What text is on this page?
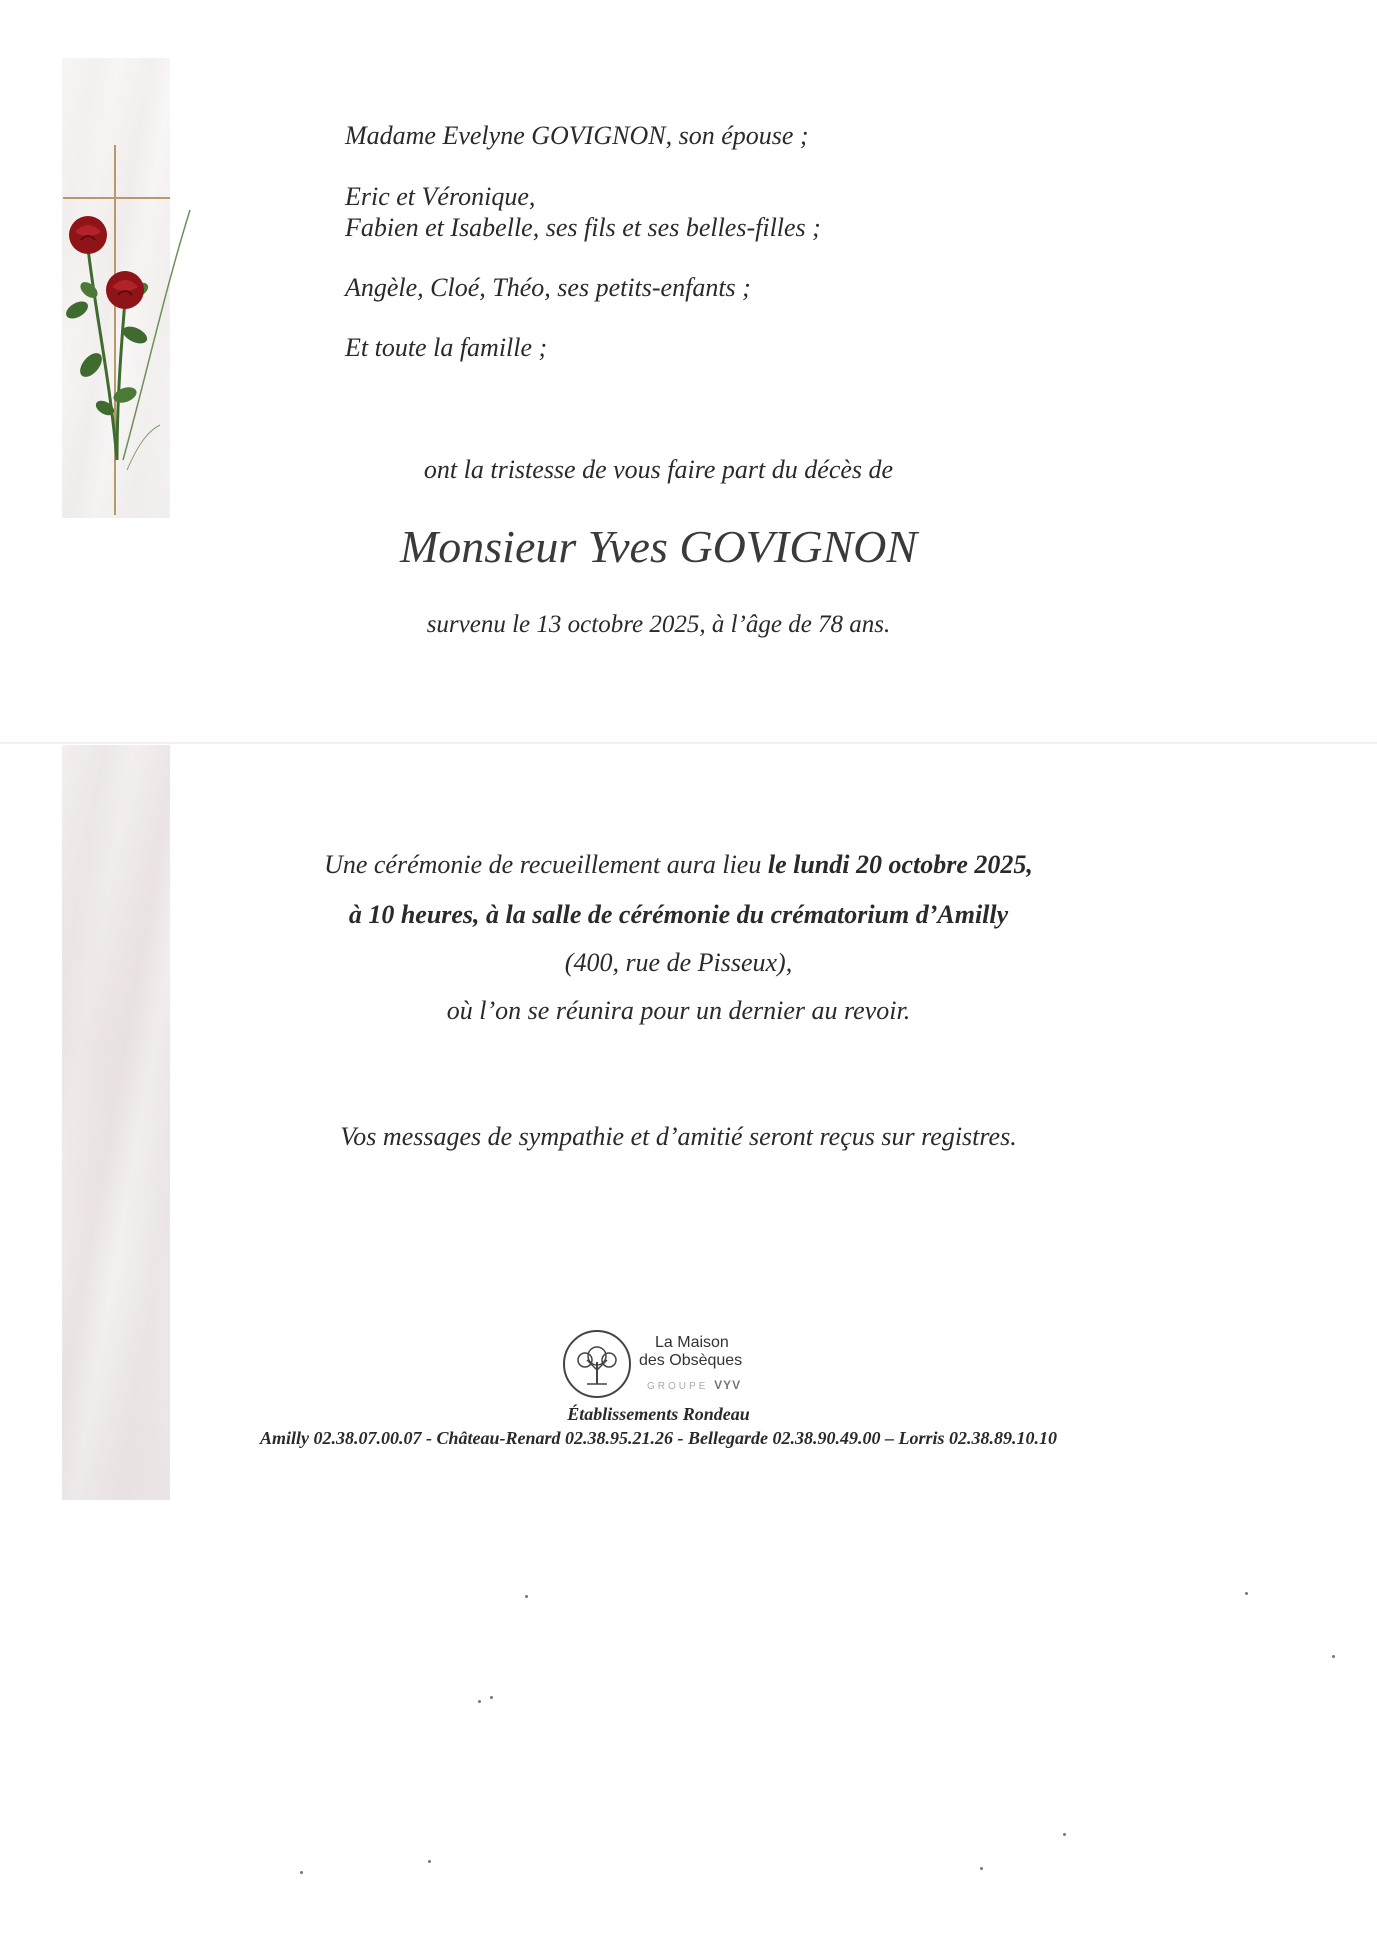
Madame Evelyne GOVIGNON, son épouse ;
Eric et Véronique,
Fabien et Isabelle, ses fils et ses belles-filles ;
Angèle, Cloé, Théo, ses petits-enfants ;
Et toute la famille ;
ont la tristesse de vous faire part du décès de
Monsieur Yves GOVIGNON
survenu le 13 octobre 2025, à l’âge de 78 ans.
Une cérémonie de recueillement aura lieu le lundi 20 octobre 2025,
à 10 heures, à la salle de cérémonie du crématorium d’Amilly
(400, rue de Pisseux),
où l’on se réunira pour un dernier au revoir.
Vos messages de sympathie et d’amitié seront reçus sur registres.
La Maison
des Obsèques
GROUPE VYV
Établissements Rondeau
Amilly 02.38.07.00.07 - Château-Renard 02.38.95.21.26 - Bellegarde 02.38.90.49.00 – Lorris 02.38.89.10.10
